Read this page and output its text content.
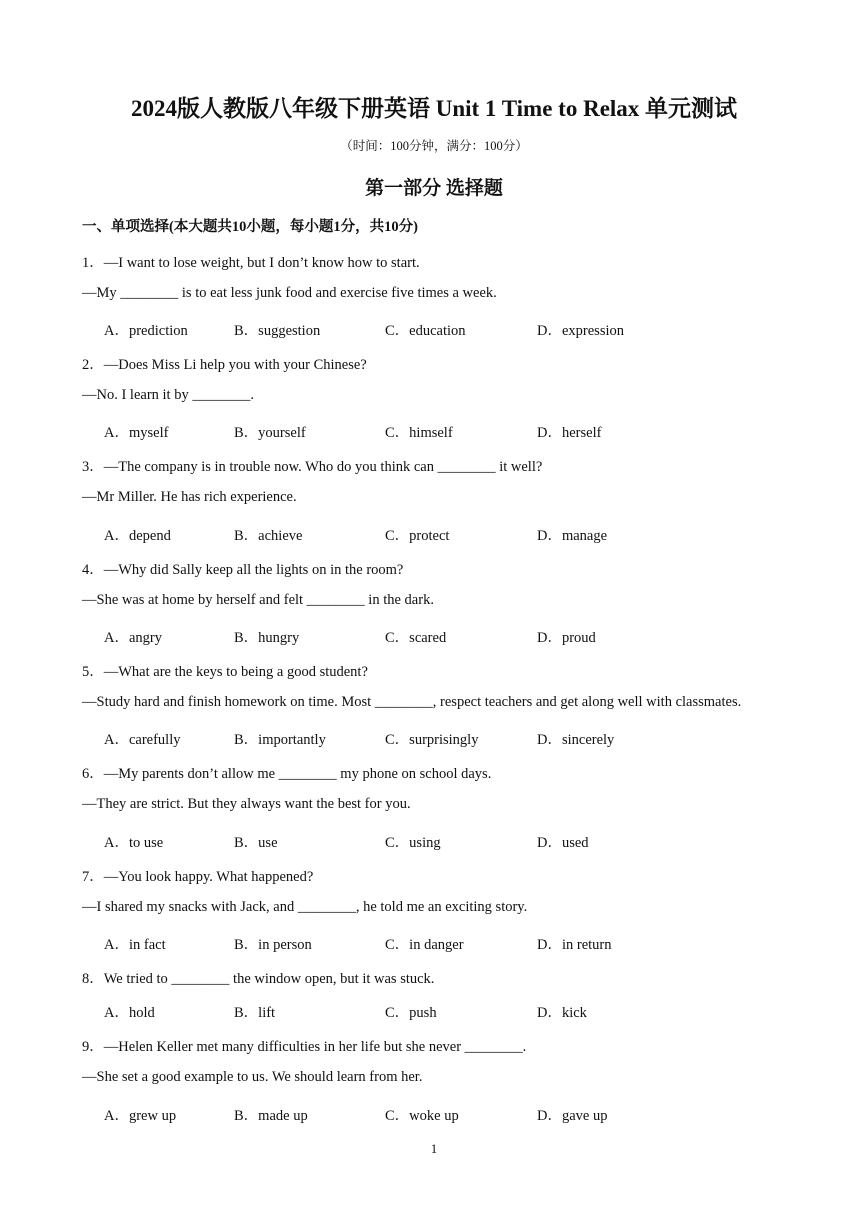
2024版人教版八年级下册英语 Unit 1 Time to Relax 单元测试
（时间：100分钟，满分：100分）
第一部分 选择题
一、单项选择(本大题共10小题，每小题1分，共10分)
1．—I want to lose weight, but I don’t know how to start.
—My ________ is to eat less junk food and exercise five times a week.
A．prediction	B．suggestion	C．education	D．expression
2．—Does Miss Li help you with your Chinese?
—No. I learn it by ________.
A．myself	B．yourself	C．himself	D．herself
3．—The company is in trouble now. Who do you think can ________ it well?
—Mr Miller. He has rich experience.
A．depend	B．achieve	C．protect	D．manage
4．—Why did Sally keep all the lights on in the room?
—She was at home by herself and felt ________ in the dark.
A．angry	B．hungry	C．scared	D．proud
5．—What are the keys to being a good student?
—Study hard and finish homework on time. Most ________, respect teachers and get along well with classmates.
A．carefully	B．importantly	C．surprisingly	D．sincerely
6．—My parents don’t allow me ________ my phone on school days.
—They are strict. But they always want the best for you.
A．to use	B．use	C．using	D．used
7．—You look happy. What happened?
—I shared my snacks with Jack, and ________, he told me an exciting story.
A．in fact	B．in person	C．in danger	D．in return
8．We tried to ________ the window open, but it was stuck.
A．hold	B．lift	C．push	D．kick
9．—Helen Keller met many difficulties in her life but she never ________.
—She set a good example to us. We should learn from her.
A．grew up	B．made up	C．woke up	D．gave up
1
